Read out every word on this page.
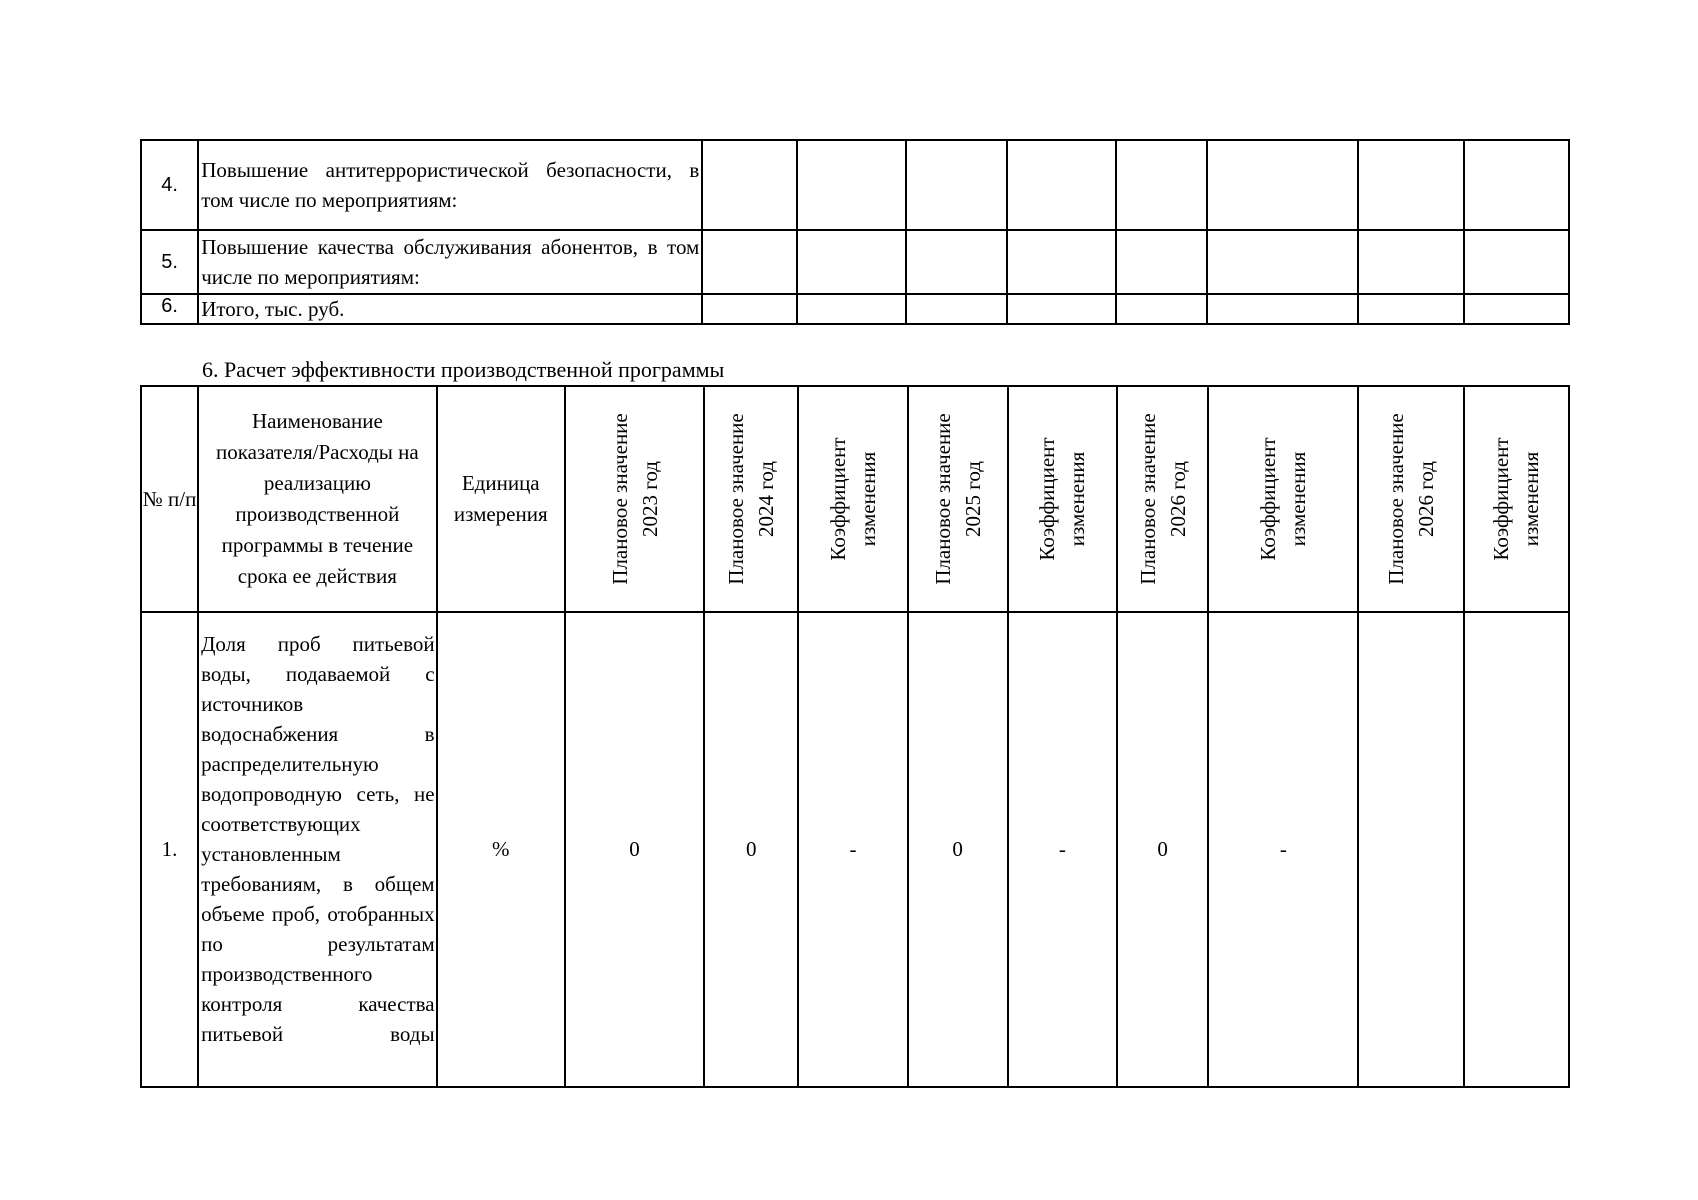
4.	Повышение антитеррористической безопасности, в том числе по мероприятиям:								
5.	Повышение качества обслуживания абонентов, в том числе по мероприятиям:								
6.	Итого, тыс. руб.								

6. Расчет эффективности производственной программы

№ п/п	Наименование показателя/Расходы на реализацию производственной программы в течение срока ее действия	Единица измерения	Плановое значение 2023 год	Плановое значение 2024 год	Коэффициент изменения	Плановое значение 2025 год	Коэффициент изменения	Плановое значение 2026 год	Коэффициент изменения	Плановое значение 2026 год	Коэффициент изменения

1.	Доля проб питьевой воды, подаваемой с источников водоснабжения в распределительную водопроводную сеть, не соответствующих установленным требованиям, в общем объеме проб, отобранных по результатам производственного контроля качества питьевой воды	%	0	0	-	0	-	0	-		
